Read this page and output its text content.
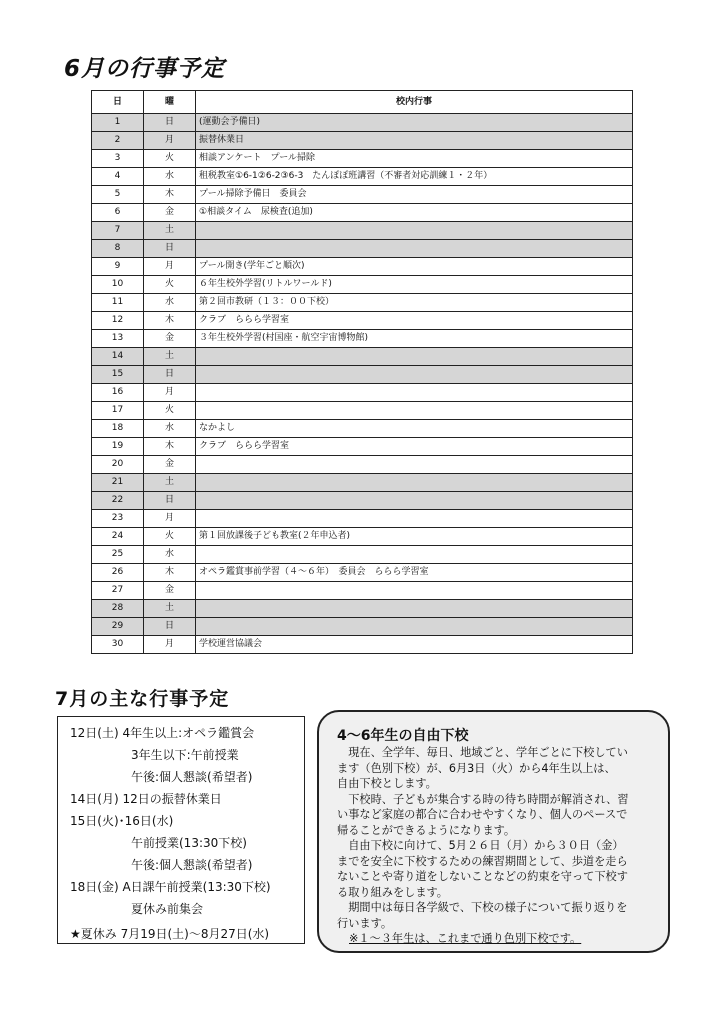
6月の行事予定
日	曜	校内行事
1	日	(運動会予備日)
2	月	振替休業日
3	火	相談アンケート　プール掃除
4	水	租税教室①6-1②6-2③6-3　たんぽぽ班講習（不審者対応訓練１・２年）
5	木	プール掃除予備日　委員会
6	金	①相談タイム　尿検査(追加)
7	土	
8	日	
9	月	プール開き(学年ごと順次)
10	火	６年生校外学習(リトルワールド)
11	水	第２回市教研（１３：００下校）
12	木	クラブ　ららら学習室
13	金	３年生校外学習(村国座・航空宇宙博物館)
14	土	
15	日	
16	月	
17	火	
18	水	なかよし
19	木	クラブ　ららら学習室
20	金	
21	土	
22	日	
23	月	
24	火	第１回放課後子ども教室(２年申込者)
25	水	
26	木	オペラ鑑賞事前学習（４～６年）　委員会　ららら学習室
27	金	
28	土	
29	日	
30	月	学校運営協議会
7月の主な行事予定
12日(土) 4年生以上:オペラ鑑賞会
3年生以下:午前授業
午後:個人懇談(希望者)
14日(月) 12日の振替休業日
15日(火)･16日(水)
午前授業(13:30下校)
午後:個人懇談(希望者)
18日(金) A日課午前授業(13:30下校)
夏休み前集会
★夏休み 7月19日(土)～8月27日(水)
4～6年生の自由下校

　現在、全学年、毎日、地域ごと、学年ごとに下校してい

ます（色別下校）が、6月3日（火）から4年生以上は、

自由下校とします。

　下校時、子どもが集合する時の待ち時間が解消され、習

い事など家庭の都合に合わせやすくなり、個人のペースで

帰ることができるようになります。

　自由下校に向けて、5月２６日（月）から３０日（金）

までを安全に下校するための練習期間として、歩道を走ら

ないことや寄り道をしないことなどの約束を守って下校す

る取り組みをします。

　期間中は毎日各学級で、下校の様子について振り返りを

行います。

※１～３年生は、これまで通り色別下校です。
